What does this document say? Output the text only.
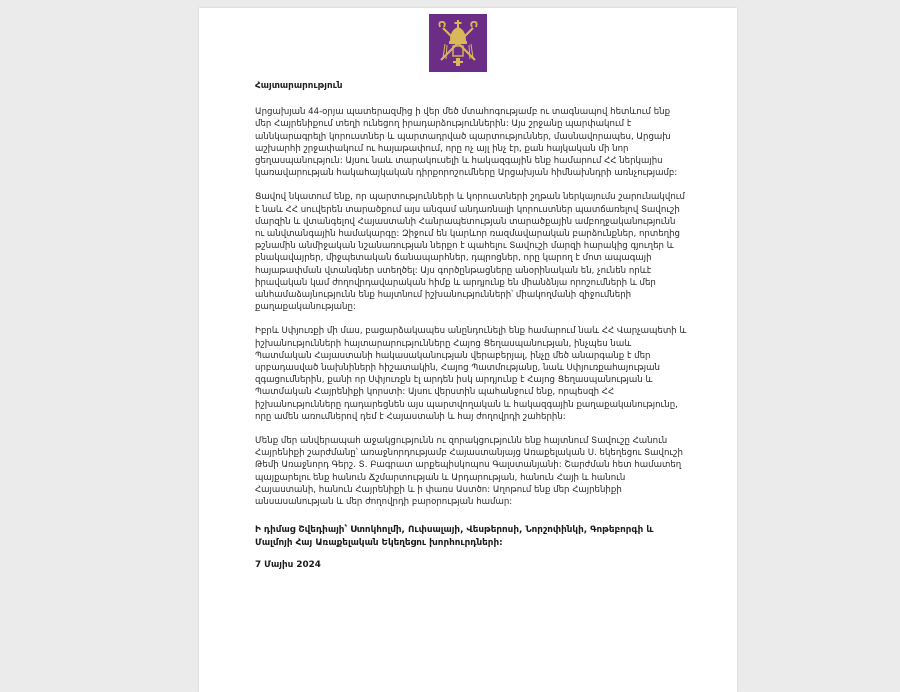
Հայտարարություն

Արցախյան 44-օրյա պատերազմից ի վեր մեծ մտահոգությամբ ու տագնապով հետևում ենք մեր Հայրենիքում տեղի ունեցող իրադարձություններին: Այս շրջանը պարփակում է աննկարագրելի կորուստներ և պարտադրված պարտություններ, մասնավորապես, Արցախ աշխարհի շրջափակում ու հայաթափում, որը ոչ այլ ինչ էր, քան հայկական մի նոր ցեղասպանություն: Այսու նաև տարակուսելի և հակազգային ենք համարում ՀՀ ներկայիս կառավարության հակահայկական դիրքորոշումները Արցախյան հիմնախնդրի առնչությամբ:

Ցավով նկատում ենք, որ պարտությունների և կորուստների շղթան ներկայումս շարունակվում է նաև ՀՀ սուվերեն տարածքում այս անգամ անդառնալի կորուստներ պատճառելով Տավուշի մարզին և վտանգելով Հայաստանի Հանրապետության տարածքային ամբողջականությունն ու անվտանգային համակարգը: Զիջում են կարևոր ռազմավարական բարձունքներ, որտեղից թշնամին անմիջական նշանառության ներքո է պահելու Տավուշի մարզի հարակից գյուղեր և բնակավայրեր, միջպետական ճանապարհներ, դպրոցներ, որը կարող է մոտ ապագայի հայաթափման վտանգներ ստեղծել: Այս գործընթացները անօրինական են, չունեն որևէ իրավական կամ ժողովրդավարական հիմք և արդյունք են միանձնյա որոշումների և մեր անհամաձայնությունն ենք հայտնում իշխանությունների՝ միակողմանի զիջումների քաղաքականությանը:

Իբրև Սփյուռքի մի մաս, բացարձակապես անընդունելի ենք համարում նաև ՀՀ Վարչապետի և իշխանությունների հայտարարությունները Հայոց Ցեղասպանության, ինչպես նաև Պատմական Հայաստանի հակասականության վերաբերյալ, ինչը մեծ անարգանք է մեր սրբադասված նախնիների հիշատակին, Հայոց Պատմությանը, նաև Սփյուռքահայության զգացումներին, քանի որ Սփյուռքն էլ արդեն իսկ արդյունք է Հայոց Ցեղասպանության և Պատմական Հայրենիքի կորստի: Այսու վերստին պահանջում ենք, որպեսզի ՀՀ իշխանությունները դադարեցնեն այս պարտվողական և հակազգային քաղաքականությունը, որը ամեն առումներով դեմ է Հայաստանի և հայ ժողովրդի շահերին:

Մենք մեր անվերապահ աջակցությունն ու զորակցությունն ենք հայտնում Տավուշը Հանուն Հայրենիքի շարժմանը՝ առաջնորդությամբ Հայաստանյայց Առաքելական Ս. եկեղեցու Տավուշի Թեմի Առաջնորդ Գերշ. Տ. Բագրատ արքեպիսկոպոս Գալստանյանի: Շարժման հետ համատեղ պայքարելու ենք հանուն Ճշմարտության և Արդարության, հանուն Հայի և հանուն Հայաստանի, հանուն Հայրենիքի և ի փառս Աստծո: Աղոթում ենք մեր Հայրենիքի անսասանության և մեր ժողովրդի բարօրության համար:

Ի դիմաց Շվեդիայի՝ Ստոկհոլմի, Ուփսալայի, Վեսթերոսի, Նորշոփինկի, Գոթեբորգի և Մալմոյի Հայ Առաքելական Եկեղեցու խորհուրդների:

7 Մայիս 2024
